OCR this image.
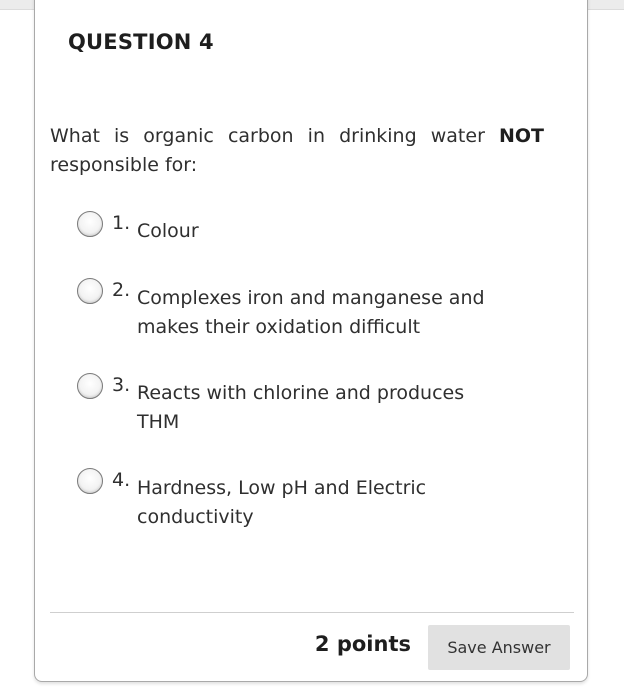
QUESTION 4
What is organic carbon in drinking water NOT responsible for:
1. Colour
2. Complexes iron and manganese and makes their oxidation difficult
3. Reacts with chlorine and produces THM
4. Hardness, Low pH and Electric conductivity
2 points	Save Answer
